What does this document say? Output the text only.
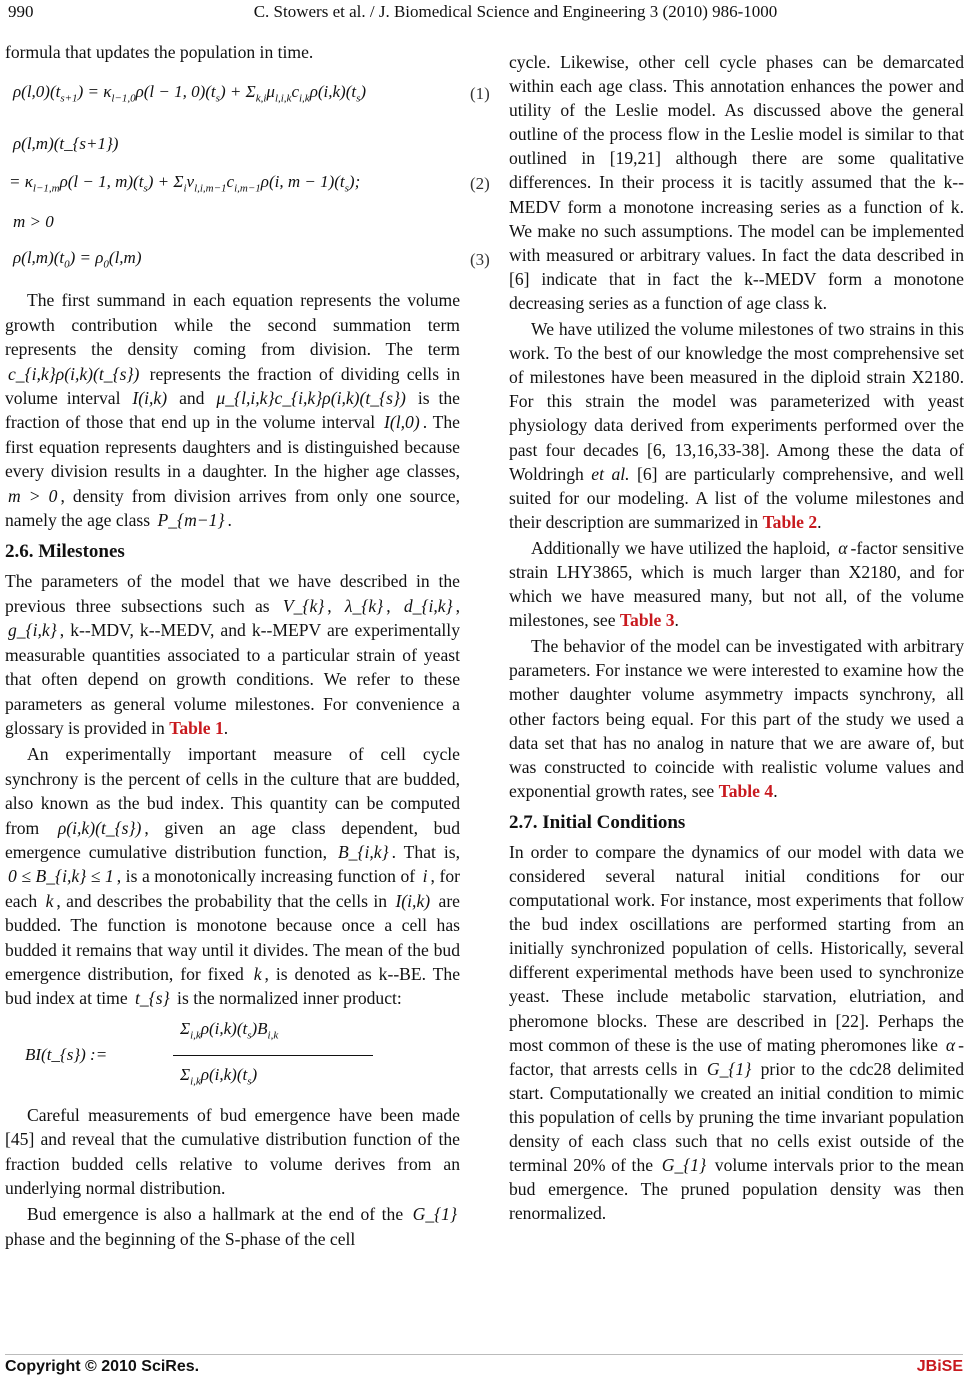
990	C. Stowers et al. / J. Biomedical Science and Engineering 3 (2010) 986-1000

formula that updates the population in time.

$\rho(l,0)(t_{s+1}) = \kappa_{l-1,0}\rho(l - 1$, $0)(t_s) + \Sigma_{k,i}\mu_{l,i,k}c_{i,k}\rho(i,k)(t_s)$
ρ(l,m)(t_{s+1})
= $\kappa_{l-1,m}\rho(l - 1$, $m)(t_s) + \Sigma_i\nu_{l,i,m-1}c_{i,m-1}\rho(i$, $m - 1)(t_s)$;
m > 0
$\rho(l,m)(t_0) = \rho_0(l,m)$

The first summand in each equation represents the volume growth contribution while the second summation term represents the density coming from division. The term c_{i,k}ρ(i,k)(t_{s}) represents the fraction of dividing cells in volume interval I(i,k) and μ_{l,i,k}c_{i,k}ρ(i,k)(t_{s}) is the fraction of those that end up in the volume interval I(l,0) . The first equation represents daughters and is distinguished because every division results in a daughter. In the higher age classes, m > 0 , density from division arrives from only one source, namely the age class P_{m−1} .

2.6. Milestones

The parameters of the model that we have described in the previous three subsections such as V_{k} , λ_{k} , d_{i,k} , g_{i,k} , k--MDV, k--MEDV, and k--MEPV are experimentally measurable quantities associated to a particular strain of yeast that often depend on growth conditions. We refer to these parameters as general volume milestones. For convenience a glossary is provided in Table 1.

An experimentally important measure of cell cycle synchrony is the percent of cells in the culture that are budded, also known as the bud index. This quantity can be computed from ρ(i,k)(t_{s}) , given an age class dependent, bud emergence cumulative distribution function, B_{i,k} . That is, 0 ≤ B_{i,k} ≤ 1 , is a monotonically increasing function of i , for each k , and describes the probability that the cells in I(i,k) are budded. The function is monotone because once a cell has budded it remains that way until it divides. The mean of the bud emergence distribution, for fixed k , is denoted as k--BE. The bud index at time t_{s} is the normalized inner product:

BI(t_{s}) :=
$\Sigma_{i,k}\rho(i,k)(t_s)B_{i,k}$
$\Sigma_{i,k}\rho(i,k)(t_s)$

Careful measurements of bud emergence have been made [45] and reveal that the cumulative distribution function of the fraction budded cells relative to volume derives from an underlying normal distribution.

Bud emergence is also a hallmark at the end of the G_{1} phase and the beginning of the S-phase of the cell

(1)
(2)
(3)

cycle. Likewise, other cell cycle phases can be demarcated within each age class. This annotation enhances the power and utility of the Leslie model. As discussed above the general outline of the process flow in the Leslie model is similar to that outlined in [19,21] although there are some qualitative differences. In their process it is tacitly assumed that the k--MEDV form a monotone increasing series as a function of k. We make no such assumptions. The model can be implemented with measured or arbitrary values. In fact the data described in [6] indicate that in fact the k--MEDV form a monotone decreasing series as a function of age class k.

We have utilized the volume milestones of two strains in this work. To the best of our knowledge the most comprehensive set of milestones have been measured in the diploid strain X2180. For this strain the model was parameterized with yeast physiology data derived from experiments performed over the past four decades [6, 13,16,33-38]. Among these the data of Woldringh et al. [6] are particularly comprehensive, and well suited for our modeling. A list of the volume milestones and their description are summarized in Table 2.

Additionally we have utilized the haploid, α -factor sensitive strain LHY3865, which is much larger than X2180, and for which we have measured many, but not all, of the volume milestones, see Table 3.

The behavior of the model can be investigated with arbitrary parameters. For instance we were interested to examine how the mother daughter volume asymmetry impacts synchrony, all other factors being equal. For this part of the study we used a data set that has no analog in nature that we are aware of, but was constructed to coincide with realistic volume values and exponential growth rates, see Table 4.

2.7. Initial Conditions

In order to compare the dynamics of our model with data we considered several natural initial conditions for our computational work. For instance, most experiments that follow the bud index oscillations are performed starting from an initially synchronized population of cells. Historically, several different experimental methods have been used to synchronize yeast. These include metabolic starvation, elutriation, and pheromone blocks. These are described in [22]. Perhaps the most common of these is the use of mating pheromones like α -factor, that arrests cells in G_{1} prior to the cdc28 delimited start. Computationally we created an initial condition to mimic this population of cells by pruning the time invariant population density of each class such that no cells exist outside of the terminal 20% of the G_{1} volume intervals prior to the mean bud emergence. The pruned population density was then renormalized.

Copyright © 2010 SciRes.	JBiSE
